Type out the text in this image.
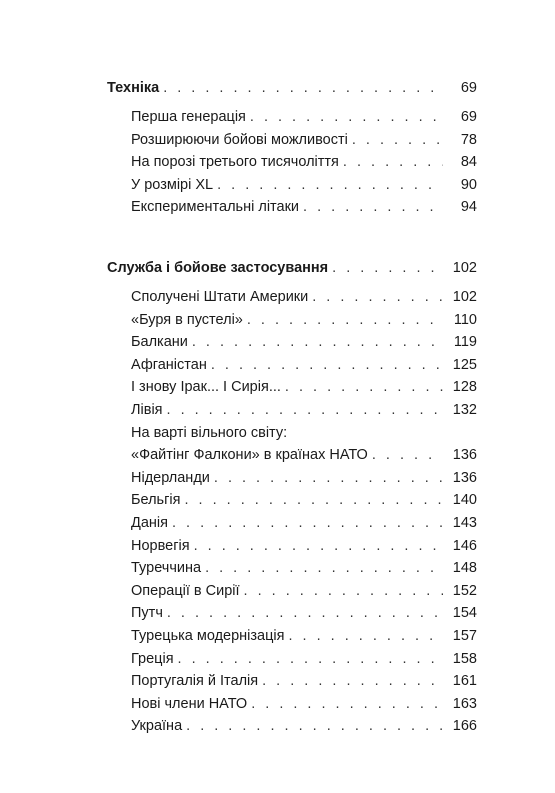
Техніка . . .	69
Перша генерація . . .	69
Розширюючи бойові можливості . . .	78
На порозі третього тисячоліття . . .	84
У розмірі XL . . .	90
Експериментальні літаки . . .	94
Служба і бойове застосування . . .	102
Сполучені Штати Америки . . .	102
«Буря в пустелі» . . .	110
Балкани . . .	119
Афганістан . . .	125
І знову Ірак... І Сирія... . . .	128
Лівія . . .	132
На варті вільного світу:
«Файтінг Фалкони» в країнах НАТО . . .	136
Нідерланди . . .	136
Бельгія . . .	140
Данія . . .	143
Норвегія . . .	146
Туреччина . . .	148
Операції в Сирії . . .	152
Путч . . .	154
Турецька модернізація . . .	157
Греція . . .	158
Португалія й Італія . . .	161
Нові члени НАТО . . .	163
Україна . . .	166
